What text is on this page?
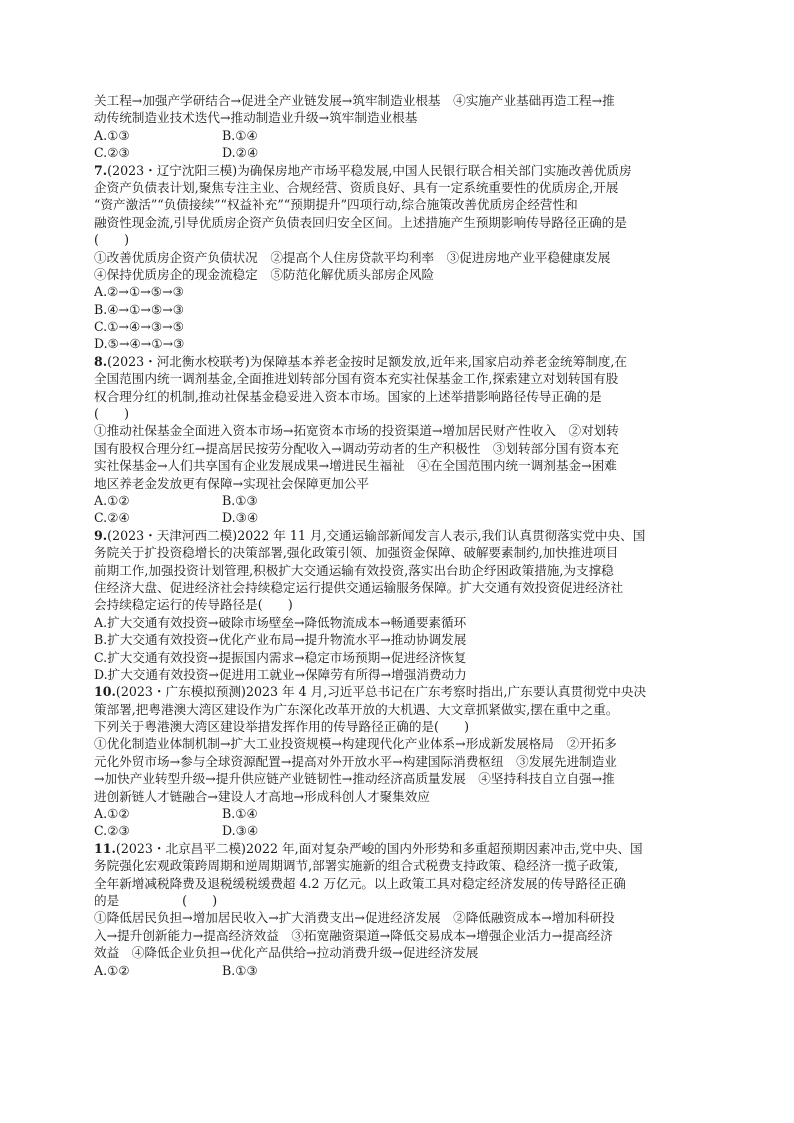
关工程→加强产学研结合→促进全产业链发展→筑牢制造业根基　④实施产业基础再造工程→推

动传统制造业技术迭代→推动制造业升级→筑牢制造业根基

A.①③	B.①④
C.②③	D.②④

7.(2023・辽宁沈阳三模)为确保房地产市场平稳发展,中国人民银行联合相关部门实施改善优质房

企资产负债表计划,聚焦专注主业、合规经营、资质良好、具有一定系统重要性的优质房企,开展

“资产激活”“负债接续”“权益补充”“预期提升”四项行动,综合施策改善优质房企经营性和

融资性现金流,引导优质房企资产负债表回归安全区间。上述措施产生预期影响传导路径正确的是

(　　)

①改善优质房企资产负债状况　②提高个人住房贷款平均利率　③促进房地产业平稳健康发展

④保持优质房企的现金流稳定　⑤防范化解优质头部房企风险

A.②→①→⑤→③

B.④→①→⑤→③

C.①→④→③→⑤

D.⑤→④→①→③

8.(2023・河北衡水校联考)为保障基本养老金按时足额发放,近年来,国家启动养老金统筹制度,在

全国范围内统一调剂基金,全面推进划转部分国有资本充实社保基金工作,探索建立对划转国有股

权合理分红的机制,推动社保基金稳妥进入资本市场。国家的上述举措影响路径传导正确的是

(　　)

①推动社保基金全面进入资本市场→拓宽资本市场的投资渠道→增加居民财产性收入　②对划转

国有股权合理分红→提高居民按劳分配收入→调动劳动者的生产积极性　③划转部分国有资本充

实社保基金→人们共享国有企业发展成果→增进民生福祉　④在全国范围内统一调剂基金→困难

地区养老金发放更有保障→实现社会保障更加公平

A.①②	B.①③
C.②④	D.③④

9.(2023・天津河西二模)2022 年 11 月,交通运输部新闻发言人表示,我们认真贯彻落实党中央、国

务院关于扩投资稳增长的决策部署,强化政策引领、加强资金保障、破解要素制约,加快推进项目

前期工作,加强投资计划管理,积极扩大交通运输有效投资,落实出台助企纾困政策措施,为支撑稳

住经济大盘、促进经济社会持续稳定运行提供交通运输服务保障。扩大交通有效投资促进经济社

会持续稳定运行的传导路径是(　　)

A.扩大交通有效投资→破除市场壁垒→降低物流成本→畅通要素循环

B.扩大交通有效投资→优化产业布局→提升物流水平→推动协调发展

C.扩大交通有效投资→提振国内需求→稳定市场预期→促进经济恢复

D.扩大交通有效投资→促进用工就业→保障劳有所得→增强消费动力

10.(2023・广东模拟预测)2023 年 4 月,习近平总书记在广东考察时指出,广东要认真贯彻党中央决

策部署,把粤港澳大湾区建设作为广东深化改革开放的大机遇、大文章抓紧做实,摆在重中之重。

下列关于粤港澳大湾区建设举措发挥作用的传导路径正确的是(　　)

①优化制造业体制机制→扩大工业投资规模→构建现代化产业体系→形成新发展格局　②开拓多

元化外贸市场→参与全球资源配置→提高对外开放水平→构建国际消费枢纽　③发展先进制造业

→加快产业转型升级→提升供应链产业链韧性→推动经济高质量发展　④坚持科技自立自强→推

进创新链人才链融合→建设人才高地→形成科创人才聚集效应

A.①②	B.①④
C.②③	D.③④

11.(2023・北京昌平二模)2022 年,面对复杂严峻的国内外形势和多重超预期因素冲击,党中央、国

务院强化宏观政策跨周期和逆周期调节,部署实施新的组合式税费支持政策、稳经济一揽子政策,

全年新增减税降费及退税缓税缓费超 4.2 万亿元。以上政策工具对稳定经济发展的传导路径正确

的是　　　　　(　　)

①降低居民负担→增加居民收入→扩大消费支出→促进经济发展　②降低融资成本→增加科研投

入→提升创新能力→提高经济效益　③拓宽融资渠道→降低交易成本→增强企业活力→提高经济

效益　④降低企业负担→优化产品供给→拉动消费升级→促进经济发展

A.①②	B.①③
